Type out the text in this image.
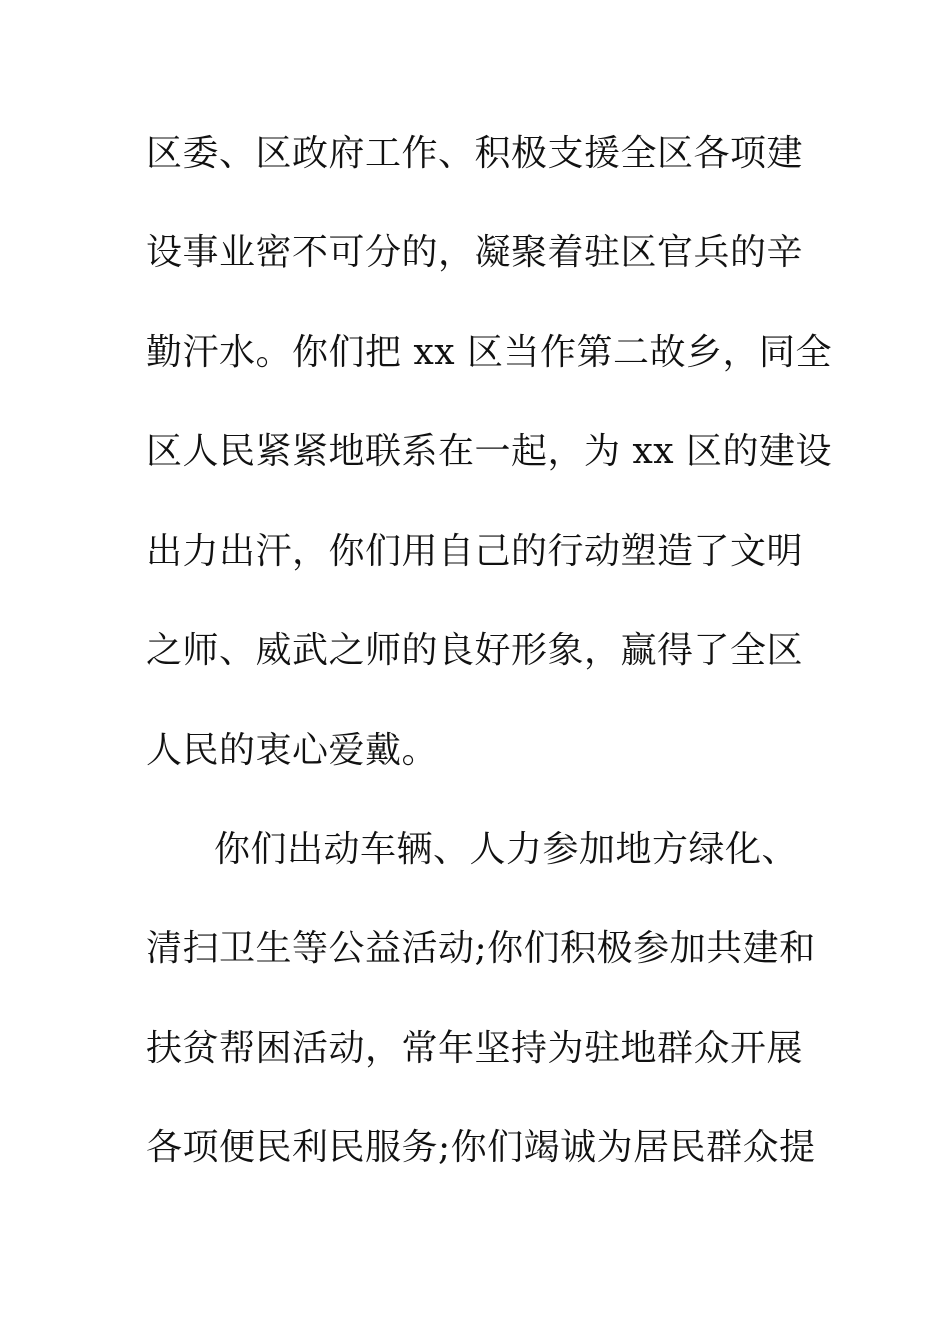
区委、区政府工作、积极支援全区各项建
设事业密不可分的，凝聚着驻区官兵的辛
勤汗水。你们把 xx 区当作第二故乡，同全
区人民紧紧地联系在一起，为 xx 区的建设
出力出汗，你们用自己的行动塑造了文明
之师、威武之师的良好形象，赢得了全区
人民的衷心爱戴。
你们出动车辆、人力参加地方绿化、
清扫卫生等公益活动;你们积极参加共建和
扶贫帮困活动，常年坚持为驻地群众开展
各项便民利民服务;你们竭诚为居民群众提
